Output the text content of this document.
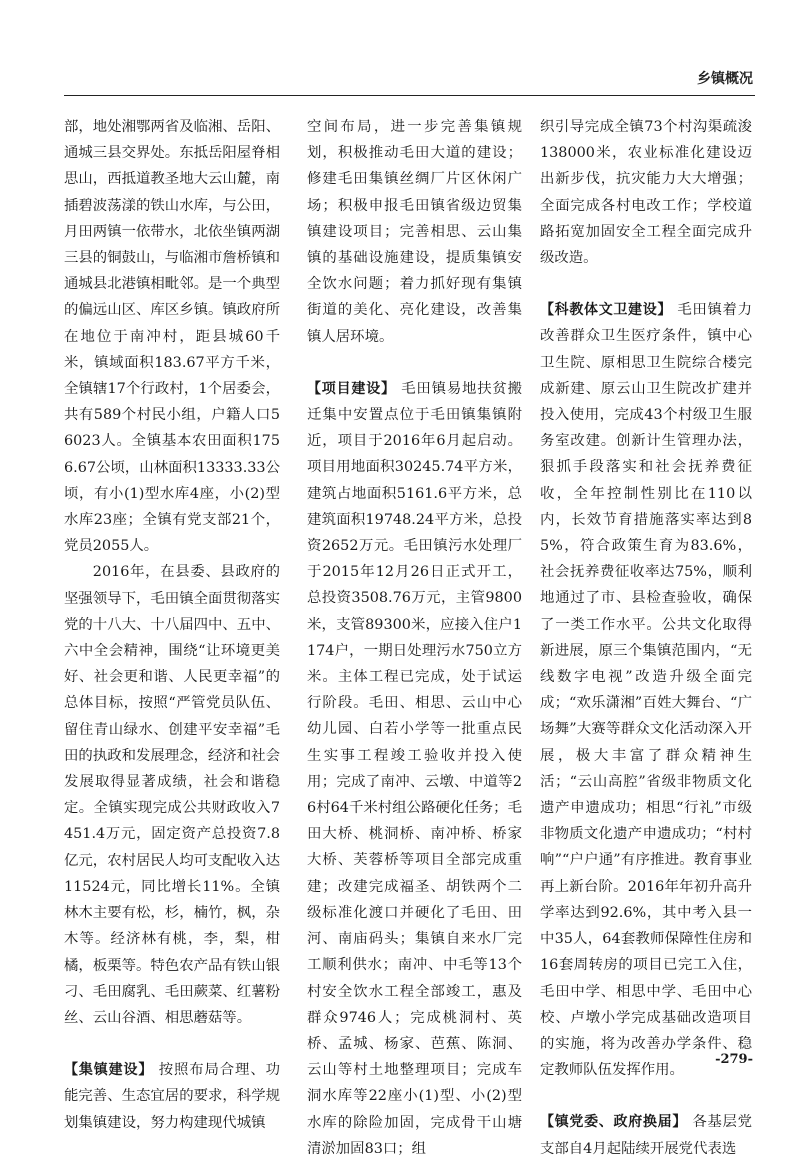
乡镇概况

部，地处湘鄂两省及临湘、岳阳、通城三县交界处。东抵岳阳屋脊相思山，西抵道教圣地大云山麓，南插碧波荡漾的铁山水库，与公田，月田两镇一依带水，北依坐镇两湖三县的铜鼓山，与临湘市詹桥镇和通城县北港镇相毗邻。是一个典型的偏远山区、库区乡镇。镇政府所在地位于南冲村，距县城60千米，镇域面积183.67平方千米，全镇辖17个行政村，1个居委会，共有589个村民小组，户籍人口56023人。全镇基本农田面积1756.67公顷，山林面积13333.33公顷，有小(1)型水库4座，小(2)型水库23座；全镇有党支部21个，党员2055人。

2016年，在县委、县政府的坚强领导下，毛田镇全面贯彻落实党的十八大、十八届四中、五中、六中全会精神，围绕“让环境更美好、社会更和谐、人民更幸福”的总体目标，按照“严管党员队伍、留住青山绿水、创建平安幸福”毛田的执政和发展理念，经济和社会发展取得显著成绩，社会和谐稳定。全镇实现完成公共财政收入7451.4万元，固定资产总投资7.8亿元，农村居民人均可支配收入达11524元，同比增长11%。全镇林木主要有松，杉，楠竹，枫，杂木等。经济林有桃，李，梨，柑橘，板栗等。特色农产品有铁山银刁、毛田腐乳、毛田蕨菜、红薯粉丝、云山谷酒、相思蘑菇等。

【集镇建设】 按照布局合理、功能完善、生态宜居的要求，科学规划集镇建设，努力构建现代城镇

空间布局，进一步完善集镇规划，积极推动毛田大道的建设；修建毛田集镇丝绸厂片区休闲广场；积极申报毛田镇省级边贸集镇建设项目；完善相思、云山集镇的基础设施建设，提质集镇安全饮水问题；着力抓好现有集镇街道的美化、亮化建设，改善集镇人居环境。

【项目建设】 毛田镇易地扶贫搬迁集中安置点位于毛田镇集镇附近，项目于2016年6月起启动。项目用地面积30245.74平方米，建筑占地面积5161.6平方米，总建筑面积19748.24平方米，总投资2652万元。毛田镇污水处理厂于2015年12月26日正式开工，总投资3508.76万元，主管9800米，支管89300米，应接入住户1174户，一期日处理污水750立方米。主体工程已完成，处于试运行阶段。毛田、相思、云山中心幼儿园、白若小学等一批重点民生实事工程竣工验收并投入使用；完成了南冲、云墩、中道等26村64千米村组公路硬化任务；毛田大桥、桃洞桥、南冲桥、桥家大桥、芙蓉桥等项目全部完成重建；改建完成福圣、胡铁两个二级标准化渡口并硬化了毛田、田河、南庙码头；集镇自来水厂完工顺利供水；南冲、中毛等13个村安全饮水工程全部竣工，惠及群众9746人；完成桃洞村、英桥、孟城、杨家、芭蕉、陈洞、云山等村土地整理项目；完成车洞水库等22座小(1)型、小(2)型水库的除险加固，完成骨干山塘清淤加固83口；组

织引导完成全镇73个村沟渠疏浚138000米，农业标准化建设迈出新步伐，抗灾能力大大增强；全面完成各村电改工作；学校道路拓宽加固安全工程全面完成升级改造。

【科教体文卫建设】 毛田镇着力改善群众卫生医疗条件，镇中心卫生院、原相思卫生院综合楼完成新建、原云山卫生院改扩建并投入使用，完成43个村级卫生服务室改建。创新计生管理办法，狠抓手段落实和社会抚养费征收，全年控制性别比在110以内，长效节育措施落实率达到85%，符合政策生育为83.6%，社会抚养费征收率达75%，顺利地通过了市、县检查验收，确保了一类工作水平。公共文化取得新进展，原三个集镇范围内，“无线数字电视”改造升级全面完成；“欢乐潇湘”百姓大舞台、“广场舞”大赛等群众文化活动深入开展，极大丰富了群众精神生活；“云山高腔”省级非物质文化遗产申遗成功；相思“行礼”市级非物质文化遗产申遗成功；“村村响”“户户通”有序推进。教育事业再上新台阶。2016年年初升高升学率达到92.6%，其中考入县一中35人，64套教师保障性住房和16套周转房的项目已完工入住，毛田中学、相思中学、毛田中心校、卢墩小学完成基础改造项目的实施，将为改善办学条件、稳定教师队伍发挥作用。

【镇党委、政府换届】 各基层党支部自4月起陆续开展党代表选

-279-
